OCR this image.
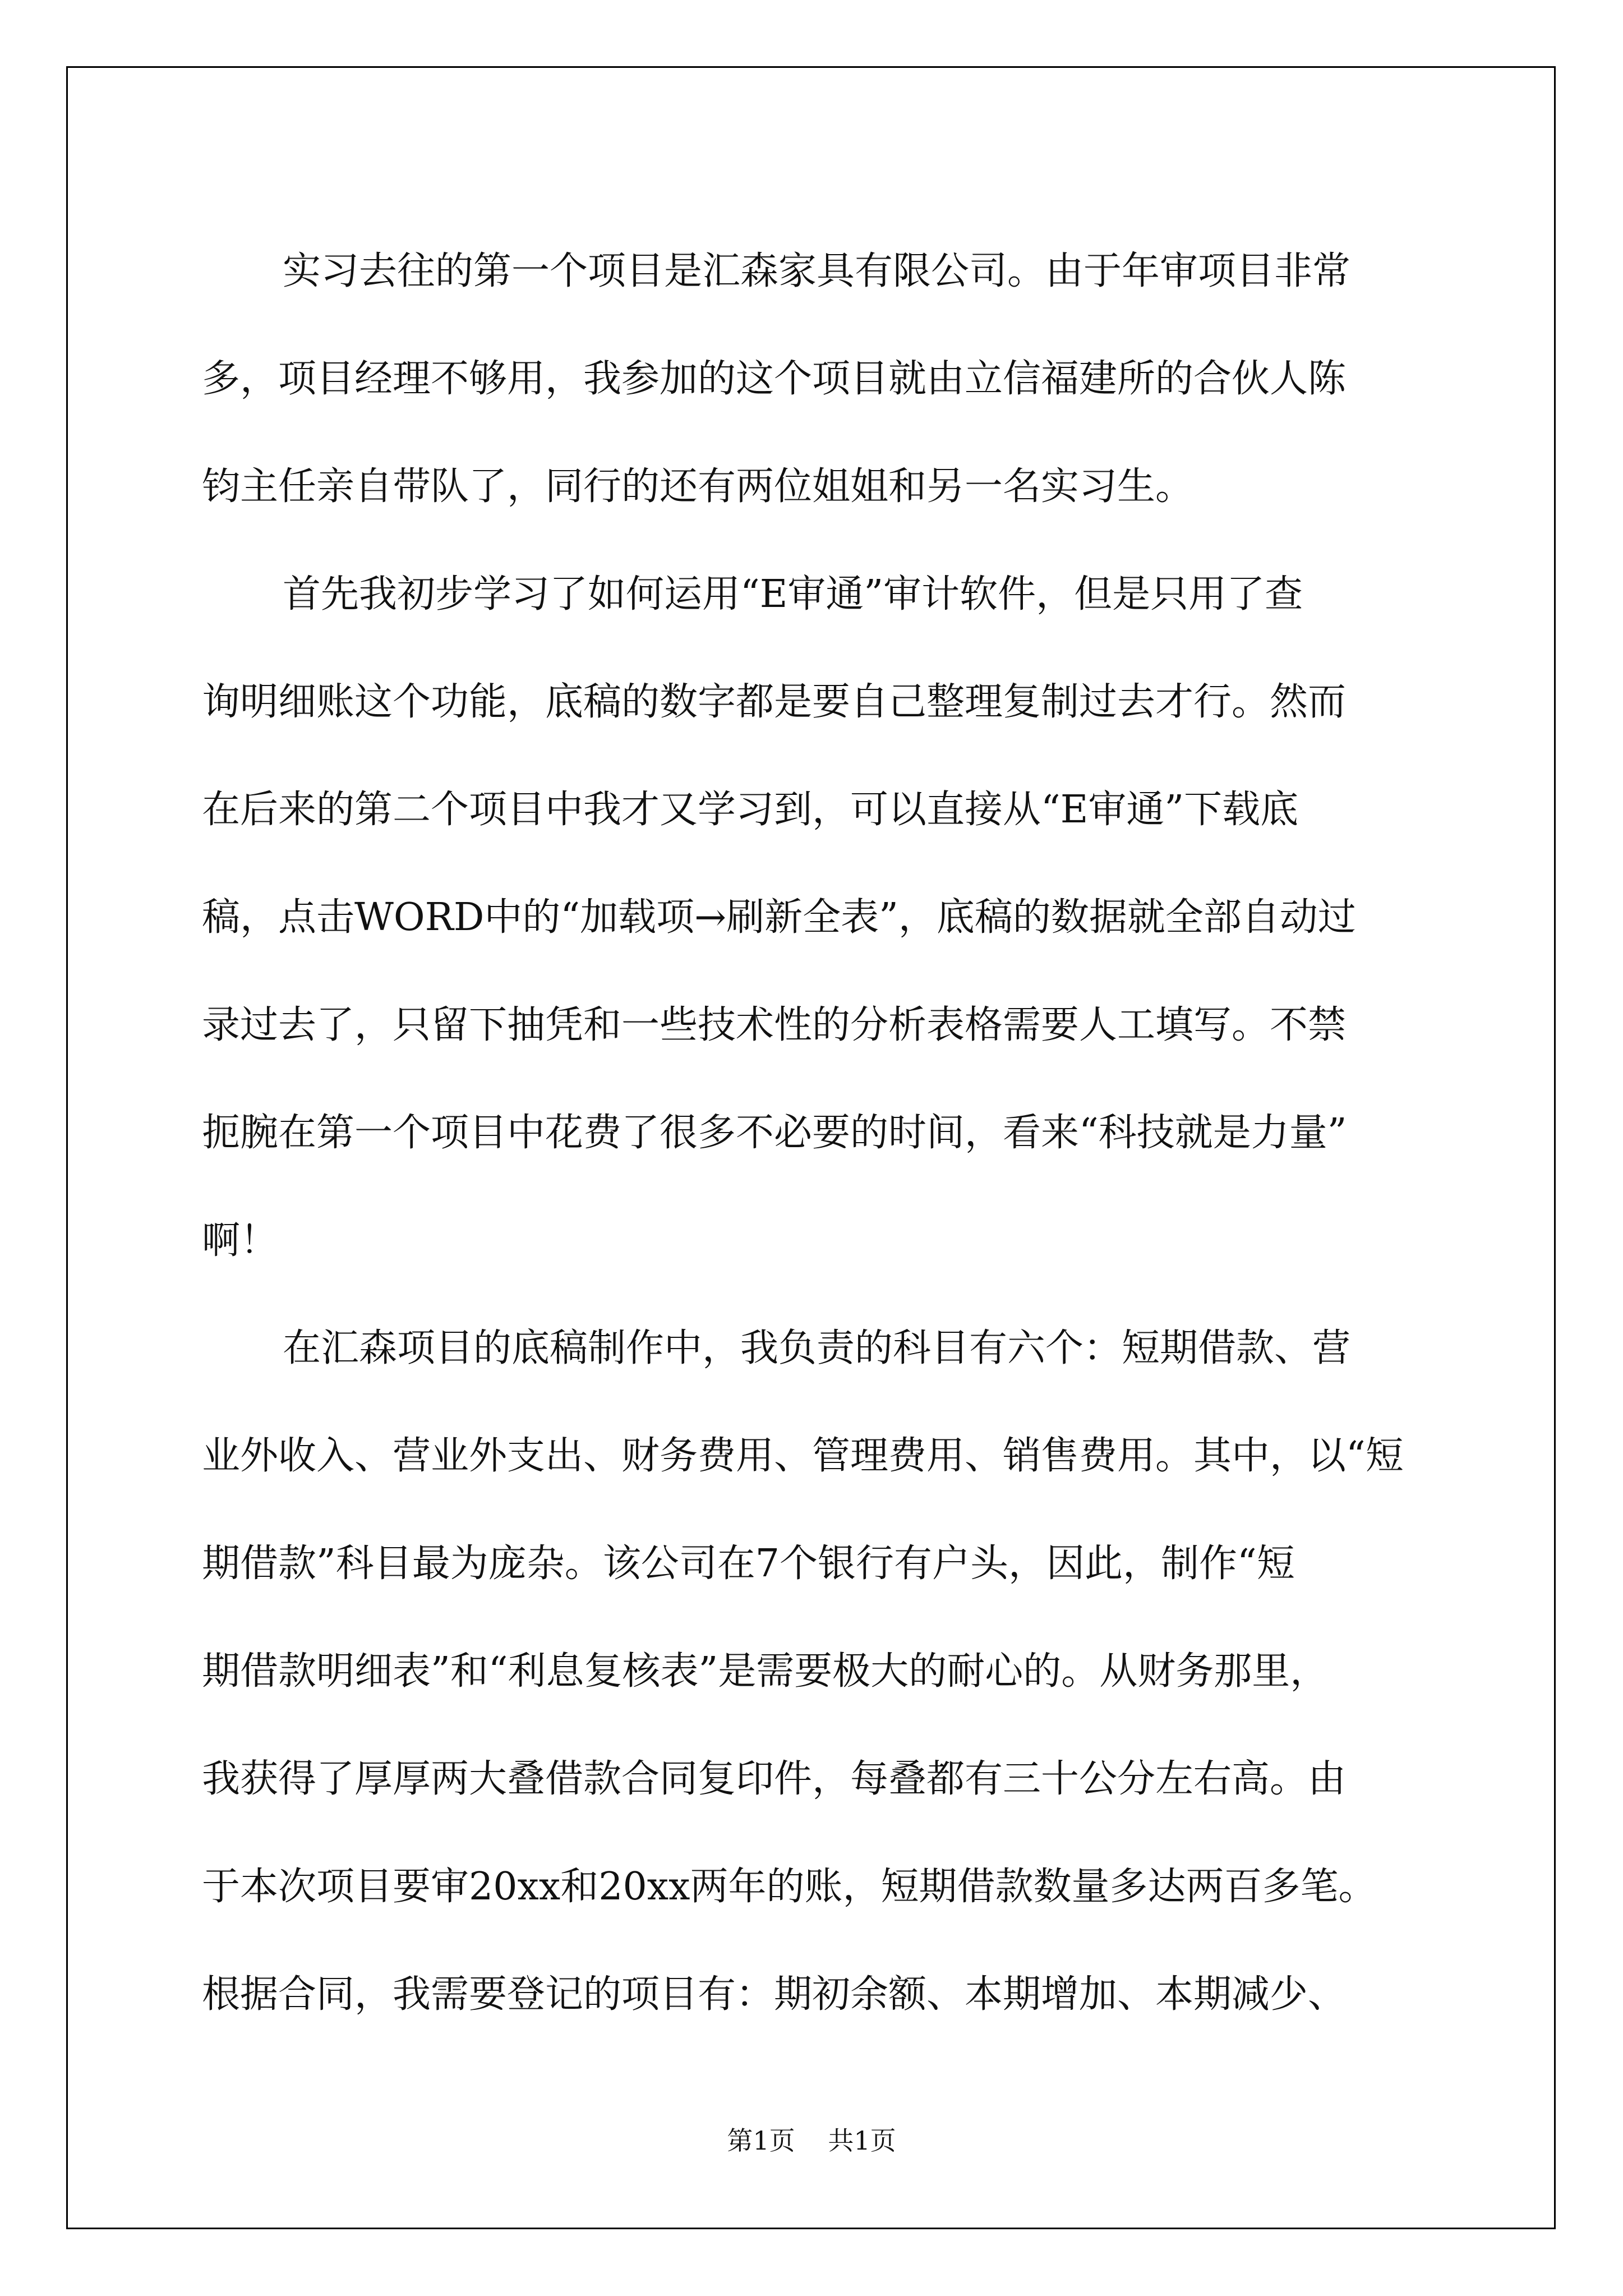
实习去往的第一个项目是汇森家具有限公司。由于年审项目非常
多，项目经理不够用，我参加的这个项目就由立信福建所的合伙人陈
钧主任亲自带队了，同行的还有两位姐姐和另一名实习生。
首先我初步学习了如何运用“E审通”审计软件，但是只用了查
询明细账这个功能，底稿的数字都是要自己整理复制过去才行。然而
在后来的第二个项目中我才又学习到，可以直接从“E审通”下载底
稿，点击WORD中的“加载项→刷新全表”，底稿的数据就全部自动过
录过去了，只留下抽凭和一些技术性的分析表格需要人工填写。不禁
扼腕在第一个项目中花费了很多不必要的时间，看来“科技就是力量”
啊！
在汇森项目的底稿制作中，我负责的科目有六个：短期借款、营
业外收入、营业外支出、财务费用、管理费用、销售费用。其中，以“短
期借款”科目最为庞杂。该公司在7个银行有户头，因此，制作“短
期借款明细表”和“利息复核表”是需要极大的耐心的。从财务那里，
我获得了厚厚两大叠借款合同复印件，每叠都有三十公分左右高。由
于本次项目要审20xx和20xx两年的账，短期借款数量多达两百多笔。
根据合同，我需要登记的项目有：期初余额、本期增加、本期减少、
第1页 共1页
